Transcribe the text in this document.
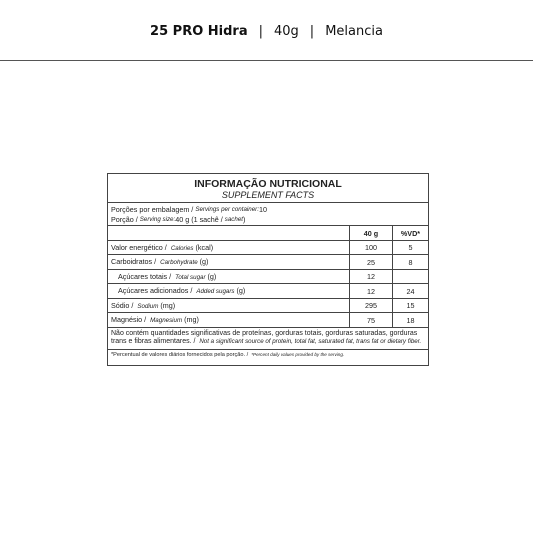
25 PRO Hidra | 40g | Melancia
INFORMAÇÃO NUTRICIONAL
SUPPLEMENT FACTS
Porções por embalagem /
Servings per container: 10
Porção /
Serving size: 40 g (1 sachê /
sachet )
	40 g	%VD*
Valor energético /  Calories (kcal)	100	5
Carboidratos /  Carbohydrate (g)	25	8
Açúcares totais /  Total sugar (g)	12	
Açúcares adicionados /  Added sugars (g)	12	24
Sódio /  Sodium (mg)	295	15
Magnésio /  Magnesium (mg)	75	18
Não contém quantidades significativas de proteínas, gorduras totais, gorduras saturadas, gorduras trans e fibras alimentares. /  Not a significant source of protein, total fat, saturated fat, trans fat or dietary fiber.
*Percentual de valores diários fornecidos pela porção. /  *Percent daily values provided by the serving.
